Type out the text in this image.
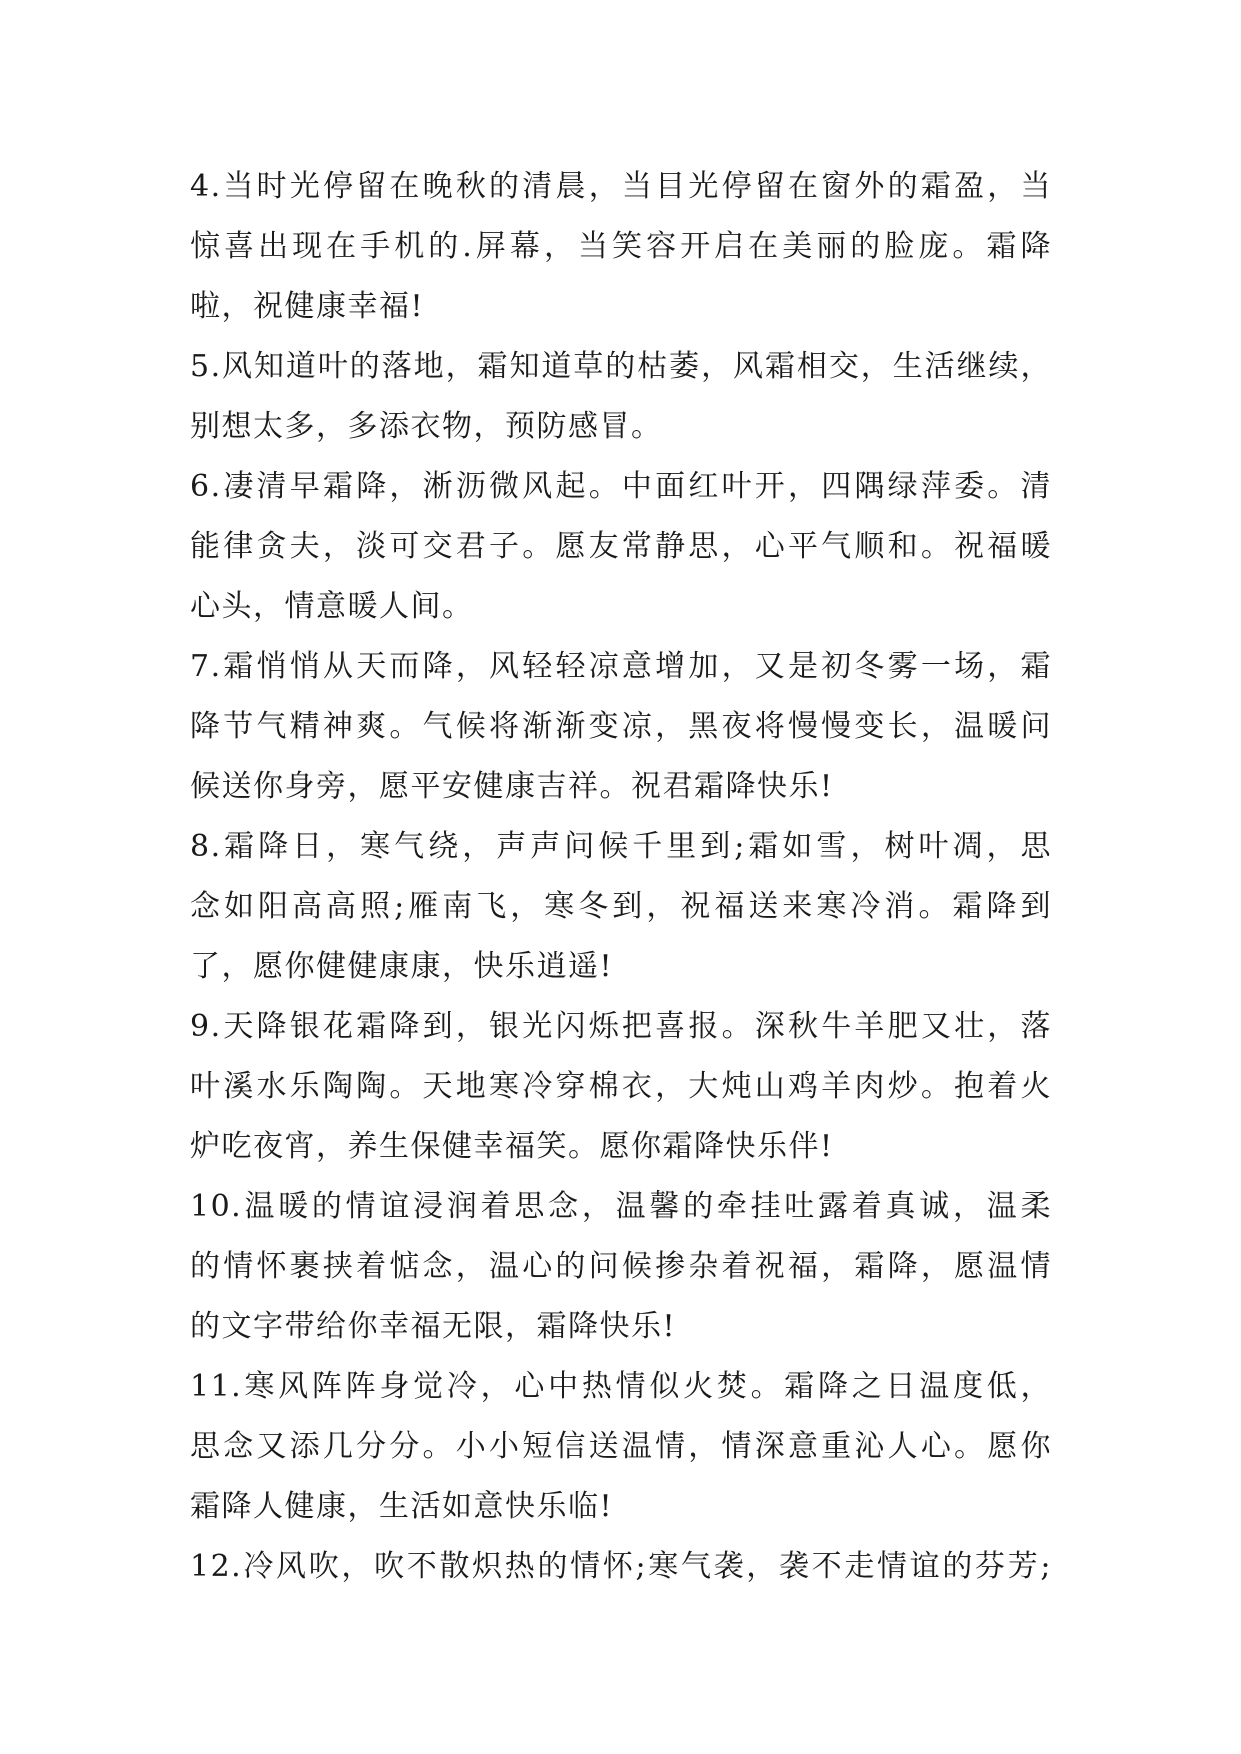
4.当时光停留在晚秋的清晨，当目光停留在窗外的霜盈，当
惊喜出现在手机的.屏幕，当笑容开启在美丽的脸庞。霜降
啦，祝健康幸福!
5.风知道叶的落地，霜知道草的枯萎，风霜相交，生活继续，
别想太多，多添衣物，预防感冒。
6.凄清早霜降，淅沥微风起。中面红叶开，四隅绿萍委。清
能律贪夫，淡可交君子。愿友常静思，心平气顺和。祝福暖
心头，情意暖人间。
7.霜悄悄从天而降，风轻轻凉意增加，又是初冬雾一场，霜
降节气精神爽。气候将渐渐变凉，黑夜将慢慢变长，温暖问
候送你身旁，愿平安健康吉祥。祝君霜降快乐!
8.霜降日，寒气绕，声声问候千里到;霜如雪，树叶凋，思
念如阳高高照;雁南飞，寒冬到，祝福送来寒冷消。霜降到
了，愿你健健康康，快乐逍遥!
9.天降银花霜降到，银光闪烁把喜报。深秋牛羊肥又壮，落
叶溪水乐陶陶。天地寒冷穿棉衣，大炖山鸡羊肉炒。抱着火
炉吃夜宵，养生保健幸福笑。愿你霜降快乐伴!
10.温暖的情谊浸润着思念，温馨的牵挂吐露着真诚，温柔
的情怀裹挟着惦念，温心的问候掺杂着祝福，霜降，愿温情
的文字带给你幸福无限，霜降快乐!
11.寒风阵阵身觉冷，心中热情似火焚。霜降之日温度低，
思念又添几分分。小小短信送温情，情深意重沁人心。愿你
霜降人健康，生活如意快乐临!
12.冷风吹，吹不散炽热的情怀;寒气袭，袭不走情谊的芬芳;
